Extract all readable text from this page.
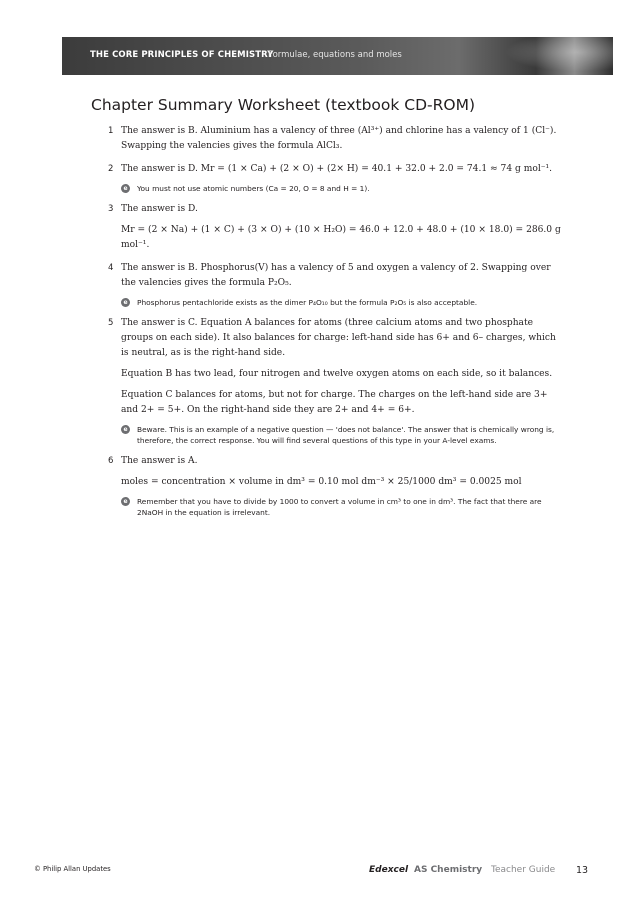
THE CORE PRINCIPLES OF CHEMISTRY
Formulae, equations and moles
Chapter Summary Worksheet (textbook CD-ROM)
1 The answer is B. Aluminium has a valency of three (Al³⁺) and chlorine has a valency of 1 (Cl⁻). Swapping the valencies gives the formula AlCl₃.

2 The answer is D. Mr = (1 × Ca) + (2 × O) + (2× H) = 40.1 + 32.0 + 2.0 = 74.1 ≈ 74 g mol⁻¹.

e	You must not use atomic numbers (Ca = 20, O = 8 and H = 1).
3 The answer is D.

Mr = (2 × Na) + (1 × C) + (3 × O) + (10 × H₂O) = 46.0 + 12.0 + 48.0 + (10 × 18.0) = 286.0 g mol⁻¹.

4 The answer is B. Phosphorus(V) has a valency of 5 and oxygen a valency of 2. Swapping over the valencies gives the formula P₂O₅.

e	Phosphorus pentachloride exists as the dimer P₄O₁₀ but the formula P₂O₅ is also acceptable.
5 The answer is C. Equation A balances for atoms (three calcium atoms and two phosphate groups on each side). It also balances for charge: left-hand side has 6+ and 6– charges, which is neutral, as is the right-hand side.

Equation B has two lead, four nitrogen and twelve oxygen atoms on each side, so it balances.

Equation C balances for atoms, but not for charge. The charges on the left-hand side are 3+ and 2+ = 5+. On the right-hand side they are 2+ and 4+ = 6+.

e	Beware. This is an example of a negative question — 'does not balance'. The answer that is chemically wrong is, therefore, the correct response. You will find several questions of this type in your A-level exams.
6 The answer is A.

moles = concentration × volume in dm³ = 0.10 mol dm⁻³ × 25/1000 dm³ = 0.0025 mol

e	Remember that you have to divide by 1000 to convert a volume in cm³ to one in dm³. The fact that there are 2NaOH in the equation is irrelevant.
© Philip Allan Updates	Edexcel AS Chemistry Teacher Guide 13
